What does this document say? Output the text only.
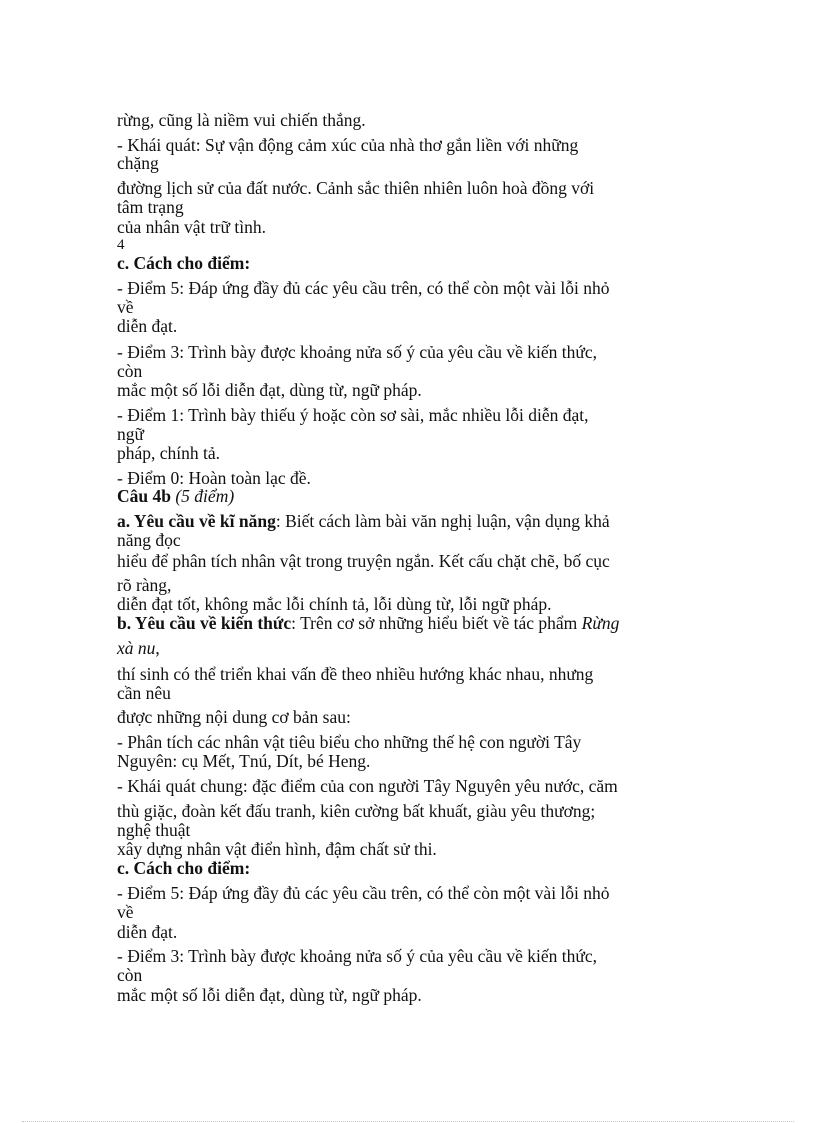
rừng, cũng là niềm vui chiến thắng.

- Khái quát: Sự vận động cảm xúc của nhà thơ gắn liền với những

chặng

đường lịch sử của đất nước. Cảnh sắc thiên nhiên luôn hoà đồng với

tâm trạng

của nhân vật trữ tình.

4

c. Cách cho điểm:

- Điểm 5: Đáp ứng đầy đủ các yêu cầu trên, có thể còn một vài lỗi nhỏ

về

diễn đạt.

- Điểm 3: Trình bày được khoảng nửa số ý của yêu cầu về kiến thức,

còn

mắc một số lỗi diễn đạt, dùng từ, ngữ pháp.

- Điểm 1: Trình bày thiếu ý hoặc còn sơ sài, mắc nhiều lỗi diễn đạt,

ngữ

pháp, chính tả.

- Điểm 0: Hoàn toàn lạc đề.

Câu 4b (5 điểm)

a. Yêu cầu về kĩ năng: Biết cách làm bài văn nghị luận, vận dụng khả

năng đọc

hiểu để phân tích nhân vật trong truyện ngắn. Kết cấu chặt chẽ, bố cục

rõ ràng,

diễn đạt tốt, không mắc lỗi chính tả, lỗi dùng từ, lỗi ngữ pháp.

b. Yêu cầu về kiến thức: Trên cơ sở những hiểu biết về tác phẩm Rừng

xà nu,

thí sinh có thể triển khai vấn đề theo nhiều hướng khác nhau, nhưng

cần nêu

được những nội dung cơ bản sau:

- Phân tích các nhân vật tiêu biểu cho những thế hệ con người Tây

Nguyên: cụ Mết, Tnú, Dít, bé Heng.

- Khái quát chung: đặc điểm của con người Tây Nguyên yêu nước, căm

thù giặc, đoàn kết đấu tranh, kiên cường bất khuất, giàu yêu thương;

nghệ thuật

xây dựng nhân vật điển hình, đậm chất sử thi.

c. Cách cho điểm:

- Điểm 5: Đáp ứng đầy đủ các yêu cầu trên, có thể còn một vài lỗi nhỏ

về

diễn đạt.

- Điểm 3: Trình bày được khoảng nửa số ý của yêu cầu về kiến thức,

còn

mắc một số lỗi diễn đạt, dùng từ, ngữ pháp.
